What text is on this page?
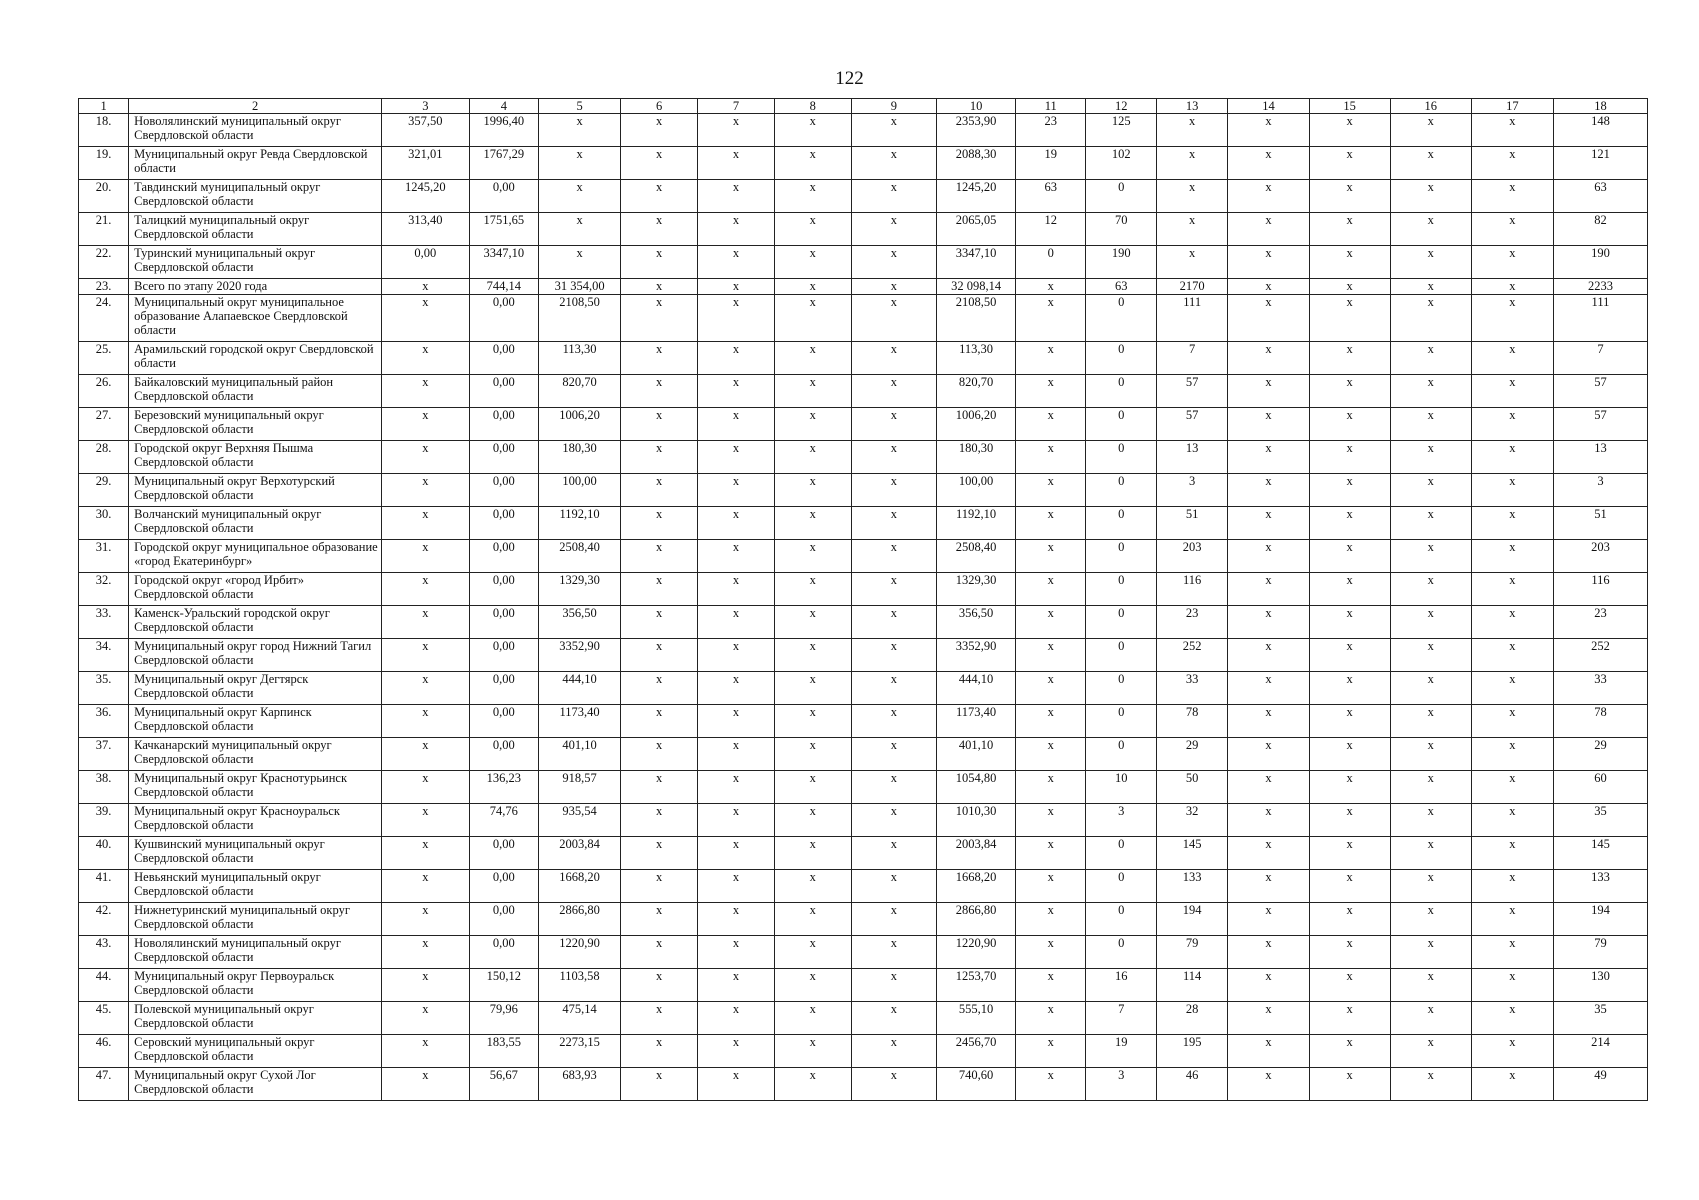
122
1	2	3	4	5	6	7	8	9	10	11	12	13	14	15	16	17	18
18.	Новолялинский муниципальный округ Свердловской области	357,50	1996,40	x	x	x	x	x	2353,90	23	125	x	x	x	x	x	148
19.	Муниципальный округ Ревда Свердловской области	321,01	1767,29	x	x	x	x	x	2088,30	19	102	x	x	x	x	x	121
20.	Тавдинский муниципальный округ Свердловской области	1245,20	0,00	x	x	x	x	x	1245,20	63	0	x	x	x	x	x	63
21.	Талицкий муниципальный округ Свердловской области	313,40	1751,65	x	x	x	x	x	2065,05	12	70	x	x	x	x	x	82
22.	Туринский муниципальный округ Свердловской области	0,00	3347,10	x	x	x	x	x	3347,10	0	190	x	x	x	x	x	190
23.	Всего по этапу 2020 года	x	744,14	31 354,00	x	x	x	x	32 098,14	x	63	2170	x	x	x	x	2233
24.	Муниципальный округ муниципальное образование Алапаевское Свердловской области	x	0,00	2108,50	x	x	x	x	2108,50	x	0	111	x	x	x	x	111
25.	Арамильский городской округ Свердловской области	x	0,00	113,30	x	x	x	x	113,30	x	0	7	x	x	x	x	7
26.	Байкаловский муниципальный район Свердловской области	x	0,00	820,70	x	x	x	x	820,70	x	0	57	x	x	x	x	57
27.	Березовский муниципальный округ Свердловской области	x	0,00	1006,20	x	x	x	x	1006,20	x	0	57	x	x	x	x	57
28.	Городской округ Верхняя Пышма Свердловской области	x	0,00	180,30	x	x	x	x	180,30	x	0	13	x	x	x	x	13
29.	Муниципальный округ Верхотурский Свердловской области	x	0,00	100,00	x	x	x	x	100,00	x	0	3	x	x	x	x	3
30.	Волчанский муниципальный округ Свердловской области	x	0,00	1192,10	x	x	x	x	1192,10	x	0	51	x	x	x	x	51
31.	Городской округ муниципальное образование «город Екатеринбург»	x	0,00	2508,40	x	x	x	x	2508,40	x	0	203	x	x	x	x	203
32.	Городской округ «город Ирбит» Свердловской области	x	0,00	1329,30	x	x	x	x	1329,30	x	0	116	x	x	x	x	116
33.	Каменск-Уральский городской округ Свердловской области	x	0,00	356,50	x	x	x	x	356,50	x	0	23	x	x	x	x	23
34.	Муниципальный округ город Нижний Тагил Свердловской области	x	0,00	3352,90	x	x	x	x	3352,90	x	0	252	x	x	x	x	252
35.	Муниципальный округ Дегтярск Свердловской области	x	0,00	444,10	x	x	x	x	444,10	x	0	33	x	x	x	x	33
36.	Муниципальный округ Карпинск Свердловской области	x	0,00	1173,40	x	x	x	x	1173,40	x	0	78	x	x	x	x	78
37.	Качканарский муниципальный округ Свердловской области	x	0,00	401,10	x	x	x	x	401,10	x	0	29	x	x	x	x	29
38.	Муниципальный округ Краснотурьинск Свердловской области	x	136,23	918,57	x	x	x	x	1054,80	x	10	50	x	x	x	x	60
39.	Муниципальный округ Красноуральск Свердловской области	x	74,76	935,54	x	x	x	x	1010,30	x	3	32	x	x	x	x	35
40.	Кушвинский муниципальный округ Свердловской области	x	0,00	2003,84	x	x	x	x	2003,84	x	0	145	x	x	x	x	145
41.	Невьянский муниципальный округ Свердловской области	x	0,00	1668,20	x	x	x	x	1668,20	x	0	133	x	x	x	x	133
42.	Нижнетуринский муниципальный округ Свердловской области	x	0,00	2866,80	x	x	x	x	2866,80	x	0	194	x	x	x	x	194
43.	Новолялинский муниципальный округ Свердловской области	x	0,00	1220,90	x	x	x	x	1220,90	x	0	79	x	x	x	x	79
44.	Муниципальный округ Первоуральск Свердловской области	x	150,12	1103,58	x	x	x	x	1253,70	x	16	114	x	x	x	x	130
45.	Полевской муниципальный округ Свердловской области	x	79,96	475,14	x	x	x	x	555,10	x	7	28	x	x	x	x	35
46.	Серовский муниципальный округ Свердловской области	x	183,55	2273,15	x	x	x	x	2456,70	x	19	195	x	x	x	x	214
47.	Муниципальный округ Сухой Лог Свердловской области	x	56,67	683,93	x	x	x	x	740,60	x	3	46	x	x	x	x	49
